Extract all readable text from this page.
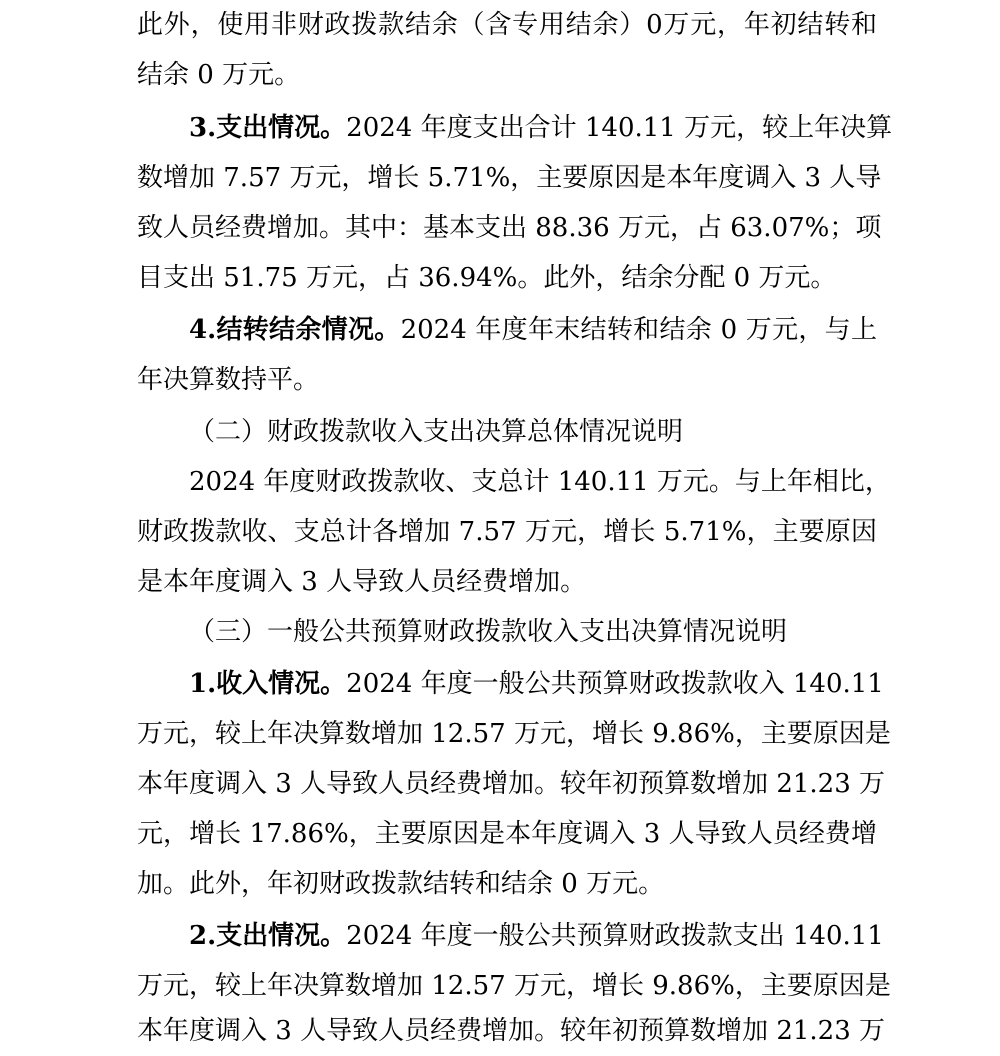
此外，使用非财政拨款结余（含专用结余）0万元，年初结转和
结余 0 万元。
3.支出情况。2024 年度支出合计 140.11 万元，较上年决算
数增加 7.57 万元，增长 5.71%，主要原因是本年度调入 3 人导
致人员经费增加。其中：基本支出 88.36 万元，占 63.07%；项
目支出 51.75 万元，占 36.94%。此外，结余分配 0 万元。
4.结转结余情况。2024 年度年末结转和结余 0 万元，与上
年决算数持平。
（二）财政拨款收入支出决算总体情况说明
2024 年度财政拨款收、支总计 140.11 万元。与上年相比，
财政拨款收、支总计各增加 7.57 万元，增长 5.71%，主要原因
是本年度调入 3 人导致人员经费增加。
（三）一般公共预算财政拨款收入支出决算情况说明
1.收入情况。2024 年度一般公共预算财政拨款收入 140.11
万元，较上年决算数增加 12.57 万元，增长 9.86%，主要原因是
本年度调入 3 人导致人员经费增加。较年初预算数增加 21.23 万
元，增长 17.86%，主要原因是本年度调入 3 人导致人员经费增
加。此外，年初财政拨款结转和结余 0 万元。
2.支出情况。2024 年度一般公共预算财政拨款支出 140.11
万元，较上年决算数增加 12.57 万元，增长 9.86%，主要原因是
本年度调入 3 人导致人员经费增加。较年初预算数增加 21.23 万
